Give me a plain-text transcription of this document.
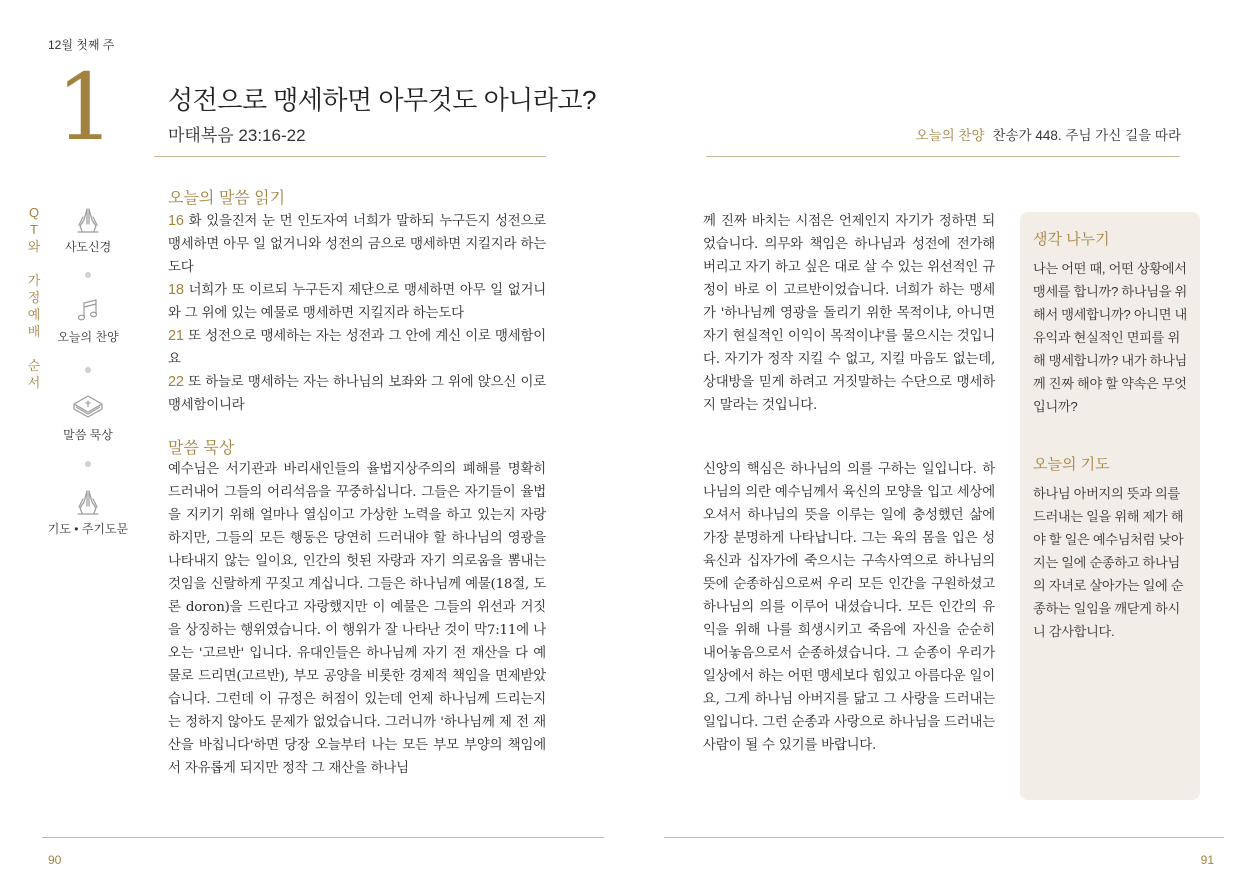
12월 첫째 주
1 성전으로 맹세하면 아무것도 아니라고?
마태복음 23:16-22	오늘의 찬양 찬송가 448. 주님 가신 길을 따라
Q
T
와
가
정
예
배
순
서
사도신경
오늘의 찬양
말씀 묵상
기도 • 주기도문
오늘의 말씀 읽기

16 화 있을진저 눈 먼 인도자여 너희가 말하되 누구든지 성전으로 맹세하면 아무 일 없거니와 성전의 금으로 맹세하면 지킬지라 하는도다

18 너희가 또 이르되 누구든지 제단으로 맹세하면 아무 일 없거니와 그 위에 있는 예물로 맹세하면 지킬지라 하는도다

21 또 성전으로 맹세하는 자는 성전과 그 안에 계신 이로 맹세함이요

22 또 하늘로 맹세하는 자는 하나님의 보좌와 그 위에 앉으신 이로 맹세함이니라

말씀 묵상
예수님은 서기관과 바리새인들의 율법지상주의의 폐해를 명확히 드러내어 그들의 어리석음을 꾸중하십니다. 그들은 자기들이 율법을 지키기 위해 얼마나 열심이고 가상한 노력을 하고 있는지 자랑하지만, 그들의 모든 행동은 당연히 드러내야 할 하나님의 영광을 나타내지 않는 일이요, 인간의 헛된 자랑과 자기 의로움을 뽐내는 것임을 신랄하게 꾸짖고 계십니다. 그들은 하나님께 예물(18절, 도론 doron)을 드린다고 자랑했지만 이 예물은 그들의 위선과 거짓을 상징하는 행위였습니다. 이 행위가 잘 나타난 것이 막7:11에 나오는 '고르반' 입니다. 유대인들은 하나님께 자기 전 재산을 다 예물로 드리면(고르반), 부모 공양을 비롯한 경제적 책임을 면제받았습니다. 그런데 이 규정은 허점이 있는데 언제 하나님께 드리는지는 정하지 않아도 문제가 없었습니다. 그러니까 '하나님께 제 전 재산을 바칩니다'하면 당장 오늘부터 나는 모든 부모 부양의 책임에서 자유롭게 되지만 정작 그 재산을 하나님
께 진짜 바치는 시점은 언제인지 자기가 정하면 되었습니다. 의무와 책임은 하나님과 성전에 전가해 버리고 자기 하고 싶은 대로 살 수 있는 위선적인 규정이 바로 이 고르반이었습니다. 너희가 하는 맹세가 '하나님께 영광을 돌리기 위한 목적이냐, 아니면 자기 현실적인 이익이 목적이냐'를 물으시는 것입니다. 자기가 정작 지킬 수 없고, 지킬 마음도 없는데, 상대방을 믿게 하려고 거짓말하는 수단으로 맹세하지 말라는 것입니다.
신앙의 핵심은 하나님의 의를 구하는 일입니다. 하나님의 의란 예수님께서 육신의 모양을 입고 세상에 오셔서 하나님의 뜻을 이루는 일에 충성했던 삶에 가장 분명하게 나타납니다. 그는 육의 몸을 입은 성육신과 십자가에 죽으시는 구속사역으로 하나님의 뜻에 순종하심으로써 우리 모든 인간을 구원하셨고 하나님의 의를 이루어 내셨습니다. 모든 인간의 유익을 위해 나를 희생시키고 죽음에 자신을 순순히 내어놓음으로서 순종하셨습니다. 그 순종이 우리가 일상에서 하는 어떤 맹세보다 힘있고 아름다운 일이요, 그게 하나님 아버지를 닮고 그 사랑을 드러내는 일입니다. 그런 순종과 사랑으로 하나님을 드러내는 사람이 될 수 있기를 바랍니다.
생각 나누기
나는 어떤 때, 어떤 상황에서 맹세를 합니까? 하나님을 위해서 맹세합니까? 아니면 내 유익과 현실적인 면피를 위해 맹세합니까? 내가 하나님께 진짜 해야 할 약속은 무엇입니까?
오늘의 기도
하나님 아버지의 뜻과 의를 드러내는 일을 위해 제가 해야 할 일은 예수님처럼 낮아지는 일에 순종하고 하나님의 자녀로 살아가는 일에 순종하는 일임을 깨닫게 하시니 감사합니다.
90	91
